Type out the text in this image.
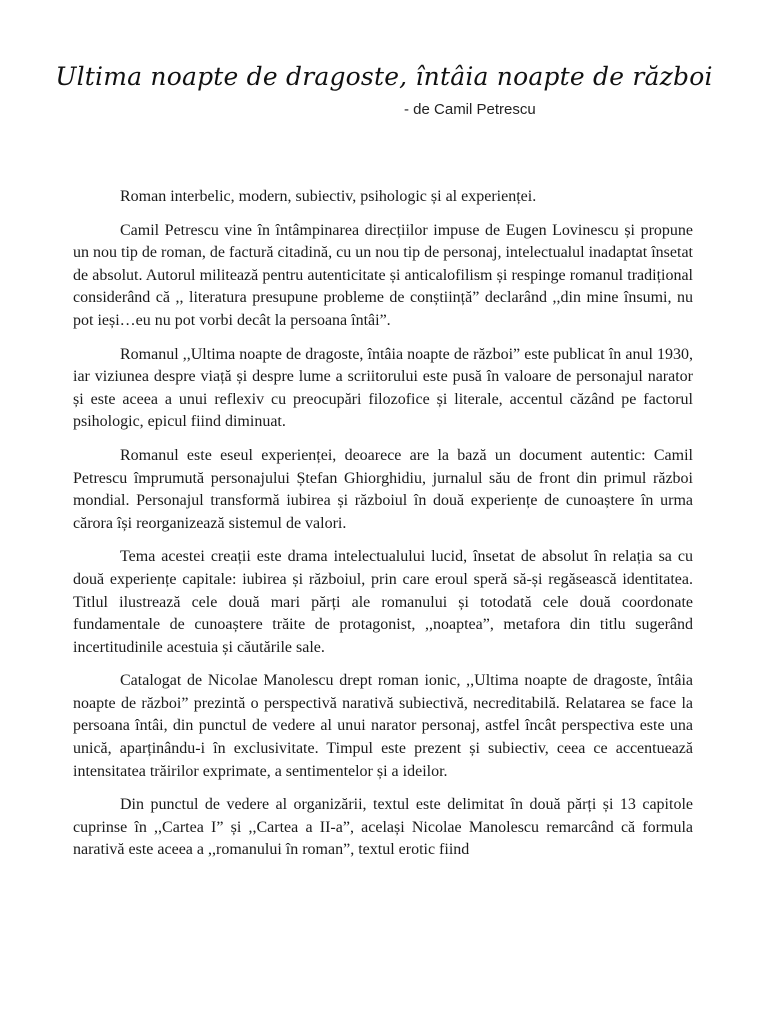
Ultima noapte de dragoste, întâia noapte de război
- de Camil Petrescu

Roman interbelic, modern, subiectiv, psihologic și al experienței.

Camil Petrescu vine în întâmpinarea direcțiilor impuse de Eugen Lovinescu și propune un nou tip de roman, de factură citadină, cu un nou tip de personaj, intelectualul inadaptat însetat de absolut. Autorul militează pentru autenticitate și anticalofilism și respinge romanul tradițional considerând că ,, literatura presupune probleme de conștiință” declarând ,,din mine însumi, nu pot ieși…eu nu pot vorbi decât la persoana întâi”.

Romanul ,,Ultima noapte de dragoste, întâia noapte de război” este publicat în anul 1930, iar viziunea despre viață și despre lume a scriitorului este pusă în valoare de personajul narator și este aceea a unui reflexiv cu preocupări filozofice și literale, accentul căzând pe factorul psihologic, epicul fiind diminuat.

Romanul este eseul experienței, deoarece are la bază un document autentic: Camil Petrescu împrumută personajului Ștefan Ghiorghidiu, jurnalul său de front din primul război mondial. Personajul transformă iubirea și războiul în două experiențe de cunoaștere în urma cărora își reorganizează sistemul de valori.

Tema acestei creații este drama intelectualului lucid, însetat de absolut în relația sa cu două experiențe capitale: iubirea și războiul, prin care eroul speră să-și regăsească identitatea. Titlul ilustrează cele două mari părți ale romanului și totodată cele două coordonate fundamentale de cunoaștere trăite de protagonist, ,,noaptea”, metafora din titlu sugerând incertitudinile acestuia și căutările sale.

Catalogat de Nicolae Manolescu drept roman ionic, ,,Ultima noapte de dragoste, întâia noapte de război” prezintă o perspectivă narativă subiectivă, necreditabilă. Relatarea se face la persoana întâi, din punctul de vedere al unui narator personaj, astfel încât perspectiva este una unică, aparținându-i în exclusivitate. Timpul este prezent și subiectiv, ceea ce accentuează intensitatea trăirilor exprimate, a sentimentelor și a ideilor.

Din punctul de vedere al organizării, textul este delimitat în două părți și 13 capitole cuprinse în ,,Cartea I” și ,,Cartea a II-a”, același Nicolae Manolescu remarcând că formula narativă este aceea a ,,romanului în roman”, textul erotic fiind
